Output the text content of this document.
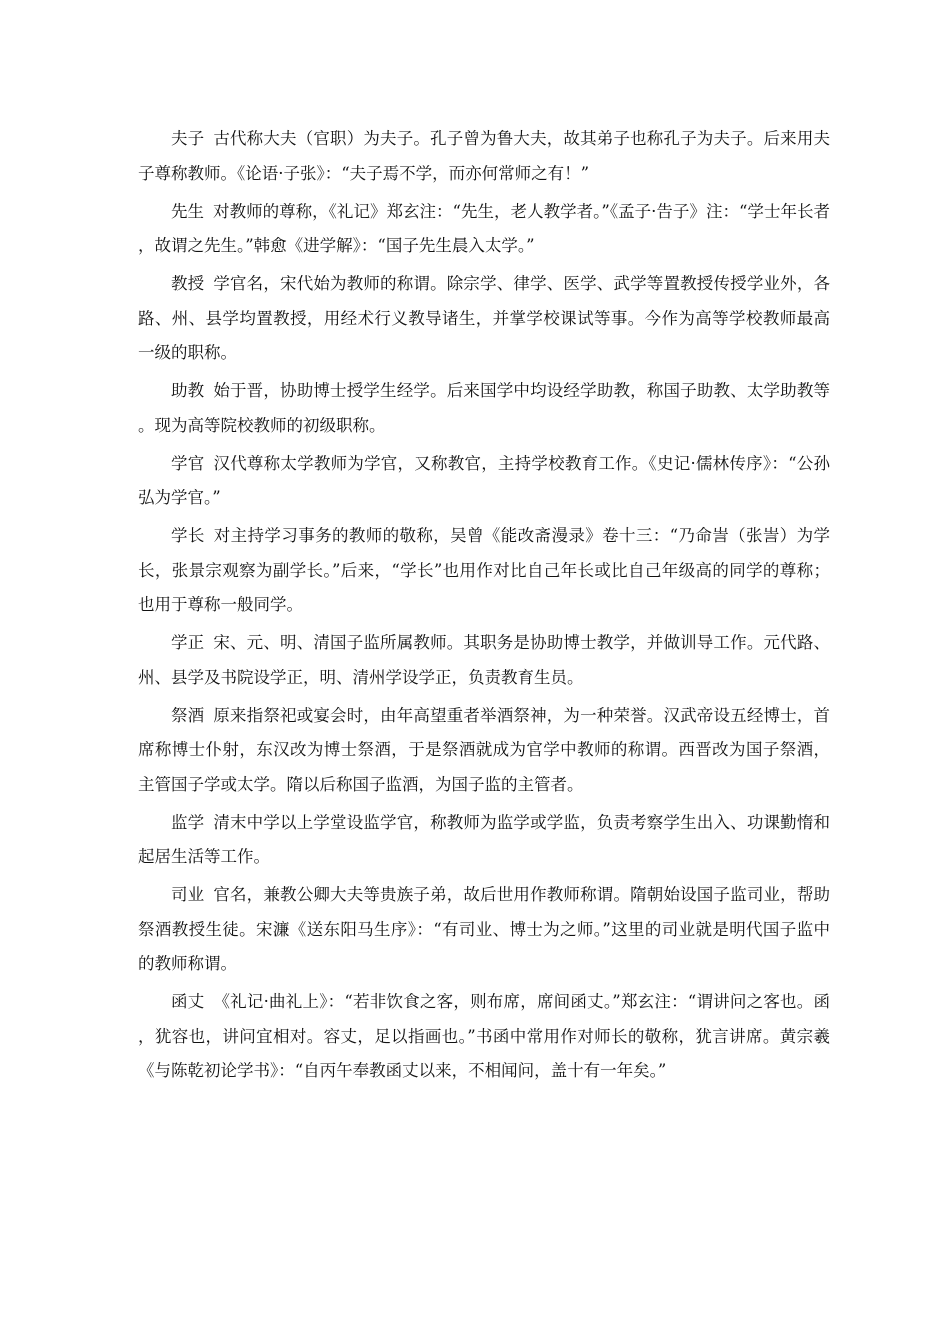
夫子 古代称大夫（官职）为夫子。孔子曾为鲁大夫，故其弟子也称孔子为夫子。后来用夫子尊称教师。《论语·子张》：“夫子焉不学，而亦何常师之有！”

先生 对教师的尊称，《礼记》郑玄注：“先生，老人教学者。”《孟子·告子》注：“学士年长者，故谓之先生。”韩愈《进学解》：“国子先生晨入太学。”

教授 学官名，宋代始为教师的称谓。除宗学、律学、医学、武学等置教授传授学业外，各路、州、县学均置教授，用经术行义教导诸生，并掌学校课试等事。今作为高等学校教师最高一级的职称。

助教 始于晋，协助博士授学生经学。后来国学中均设经学助教，称国子助教、太学助教等。现为高等院校教师的初级职称。

学官 汉代尊称太学教师为学官，又称教官，主持学校教育工作。《史记·儒林传序》：“公孙弘为学官。”

学长 对主持学习事务的教师的敬称，吴曾《能改斋漫录》卷十三：“乃命訔（张訔）为学长，张景宗观察为副学长。”后来，“学长”也用作对比自己年长或比自己年级高的同学的尊称；也用于尊称一般同学。

学正 宋、元、明、清国子监所属教师。其职务是协助博士教学，并做训导工作。元代路、州、县学及书院设学正，明、清州学设学正，负责教育生员。

祭酒 原来指祭祀或宴会时，由年高望重者举酒祭神，为一种荣誉。汉武帝设五经博士，首席称博士仆射，东汉改为博士祭酒，于是祭酒就成为官学中教师的称谓。西晋改为国子祭酒，主管国子学或太学。隋以后称国子监酒，为国子监的主管者。

监学 清末中学以上学堂设监学官，称教师为监学或学监，负责考察学生出入、功课勤惰和起居生活等工作。

司业 官名，兼教公卿大夫等贵族子弟，故后世用作教师称谓。隋朝始设国子监司业，帮助祭酒教授生徒。宋濂《送东阳马生序》：“有司业、博士为之师。”这里的司业就是明代国子监中的教师称谓。

函丈 《礼记·曲礼上》：“若非饮食之客，则布席，席间函丈。”郑玄注：“谓讲问之客也。函，犹容也，讲问宜相对。容丈，足以指画也。”书函中常用作对师长的敬称，犹言讲席。黄宗羲《与陈乾初论学书》：“自丙午奉教函丈以来，不相闻问，盖十有一年矣。”
